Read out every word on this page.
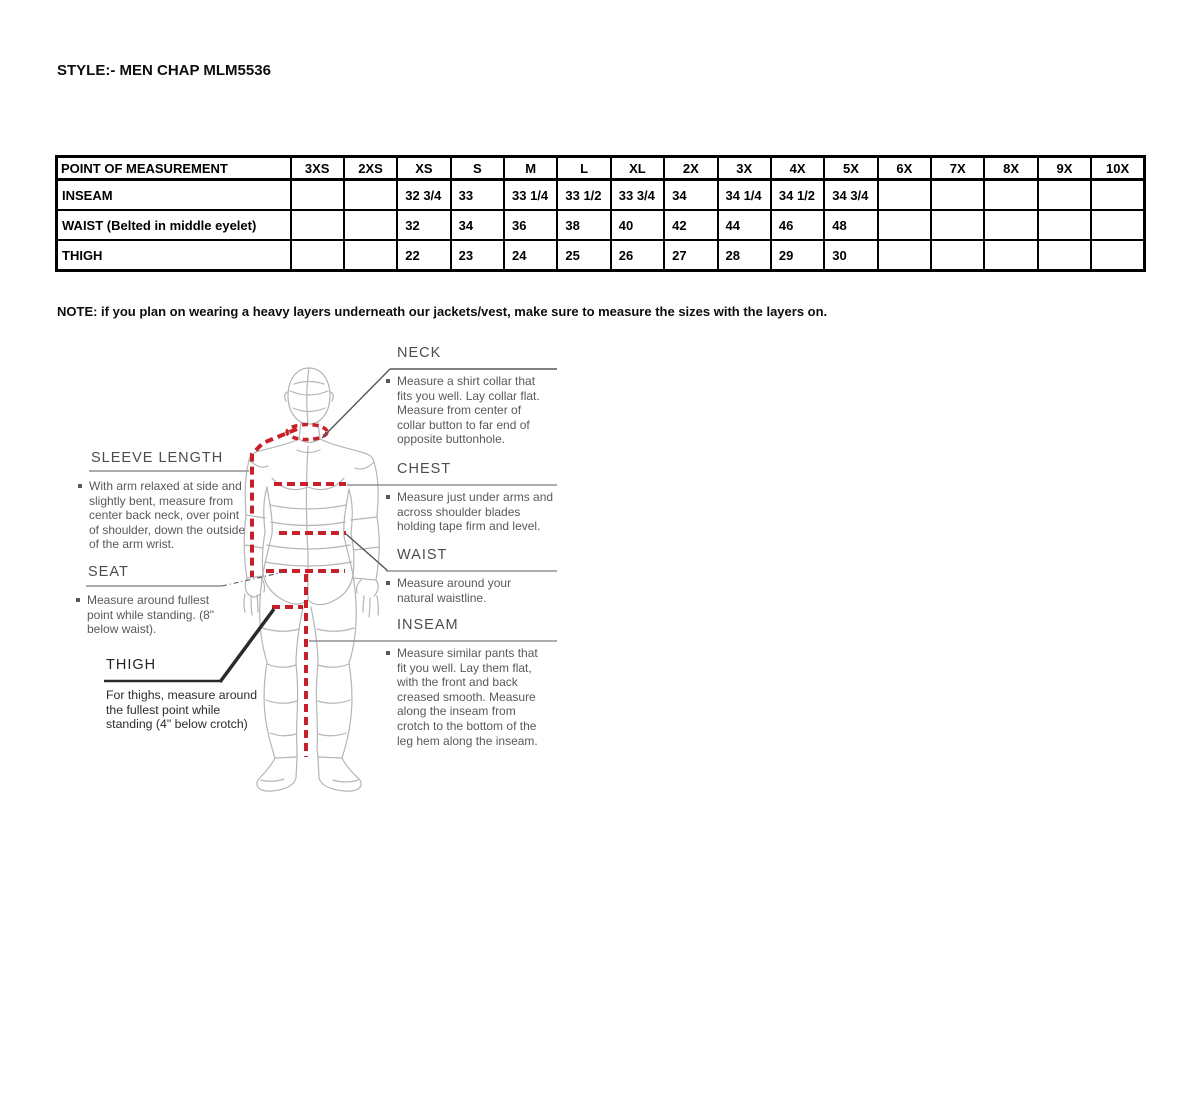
STYLE:- MEN CHAP MLM5536
POINT OF MEASUREMENT	3XS	2XS	XS	S	M	L	XL	2X	3X	4X	5X	6X	7X	8X	9X	10X
INSEAM			32 3/4	33	33 1/4	33 1/2	33 3/4	34	34 1/4	34 1/2	34 3/4					
WAIST (Belted in middle eyelet)			32	34	36	38	40	42	44	46	48					
THIGH			22	23	24	25	26	27	28	29	30					
NOTE: if you plan on wearing a heavy layers underneath our jackets/vest, make sure to measure the sizes with the layers on.
NECK
Measure a shirt collar that fits you well. Lay collar flat. Measure from center of collar button to far end of opposite buttonhole.
CHEST
Measure just under arms and across shoulder blades holding tape firm and level.
WAIST
Measure around your natural waistline.
INSEAM
Measure similar pants that fit you well. Lay them flat, with the front and back creased smooth. Measure along the inseam from crotch to the bottom of the leg hem along the inseam.
SLEEVE LENGTH
With arm relaxed at side and slightly bent, measure from center back neck, over point of shoulder, down the outside of the arm wrist.
SEAT
Measure around fullest point while standing. (8" below waist).
THIGH
For thighs, measure around the fullest point while standing (4" below crotch)
